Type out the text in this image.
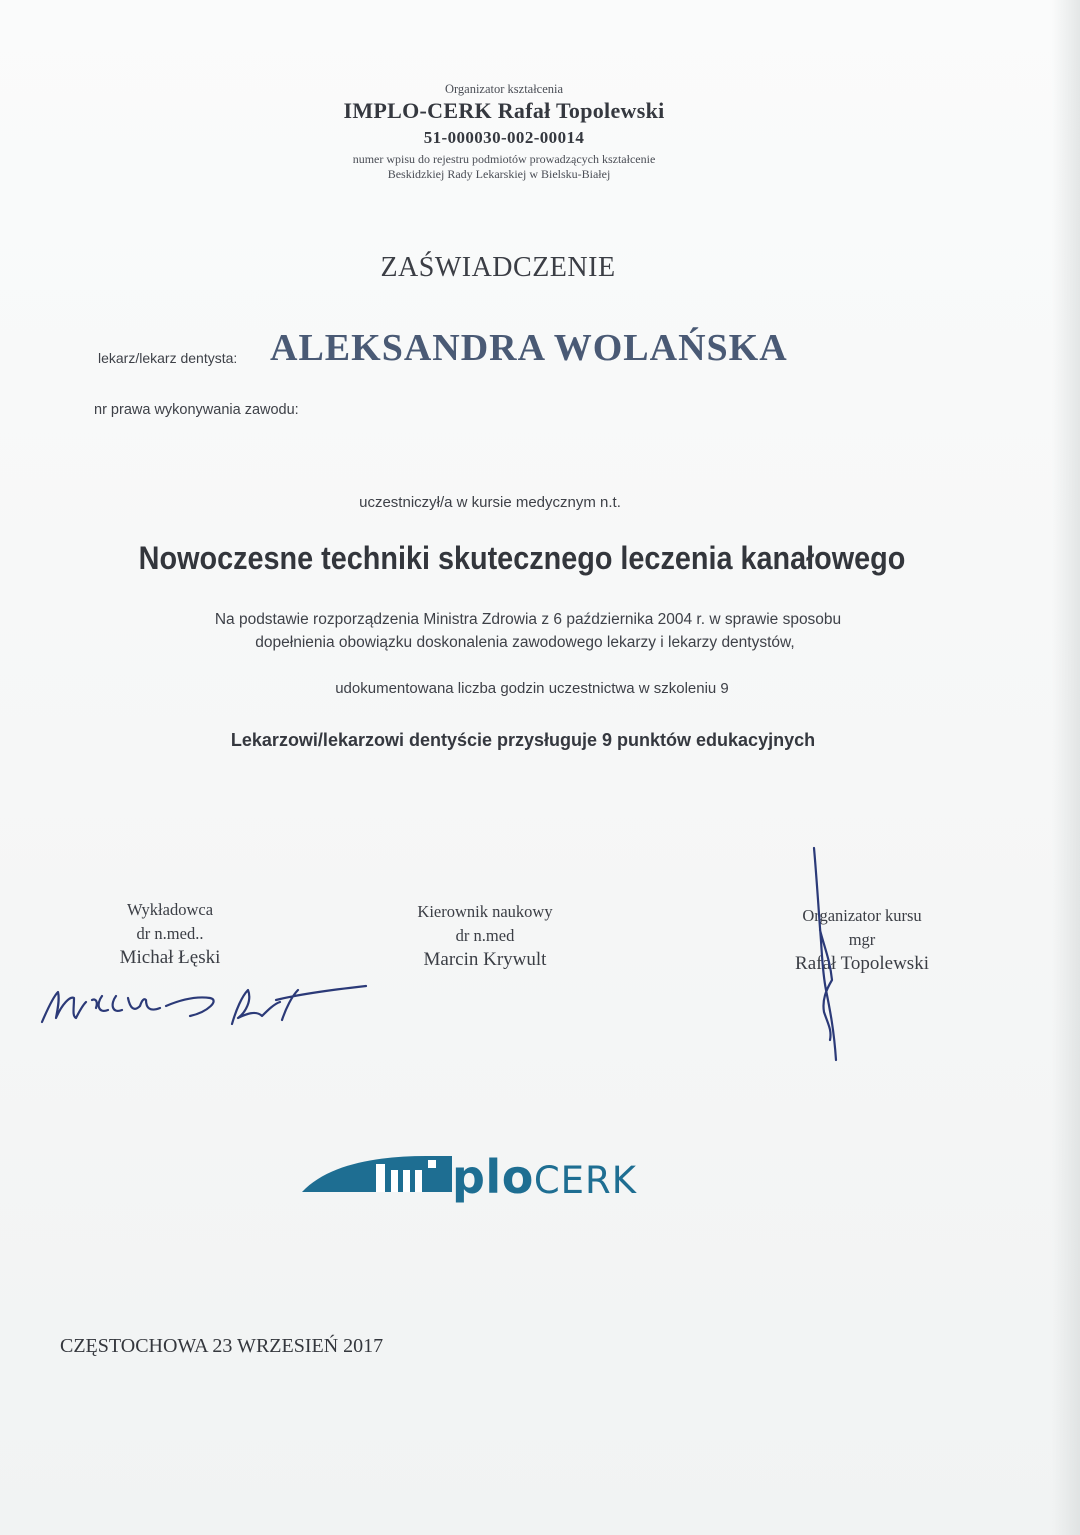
Organizator kształcenia
IMPLO-CERK Rafał Topolewski
51-000030-002-00014
numer wpisu do rejestru podmiotów prowadzących kształcenie
Beskidzkiej Rady Lekarskiej w Bielsku-Białej
ZAŚWIADCZENIE
lekarz/lekarz dentysta: ALEKSANDRA WOLAŃSKA
nr prawa wykonywania zawodu:
uczestniczył/a w kursie medycznym n.t.
Nowoczesne techniki skutecznego leczenia kanałowego
Na podstawie rozporządzenia Ministra Zdrowia z 6 października 2004 r. w sprawie sposobu
dopełnienia obowiązku doskonalenia zawodowego lekarzy i lekarzy dentystów,
udokumentowana liczba godzin uczestnictwa w szkoleniu 9
Lekarzowi/lekarzowi dentyście przysługuje 9 punktów edukacyjnych
Wykładowca
dr n.med..
Michał Łęski
Kierownik naukowy
dr n.med
Marcin Krywult
Organizator kursu
mgr
Rafał Topolewski
ploCERK
CZĘSTOCHOWA 23 WRZESIEŃ 2017
